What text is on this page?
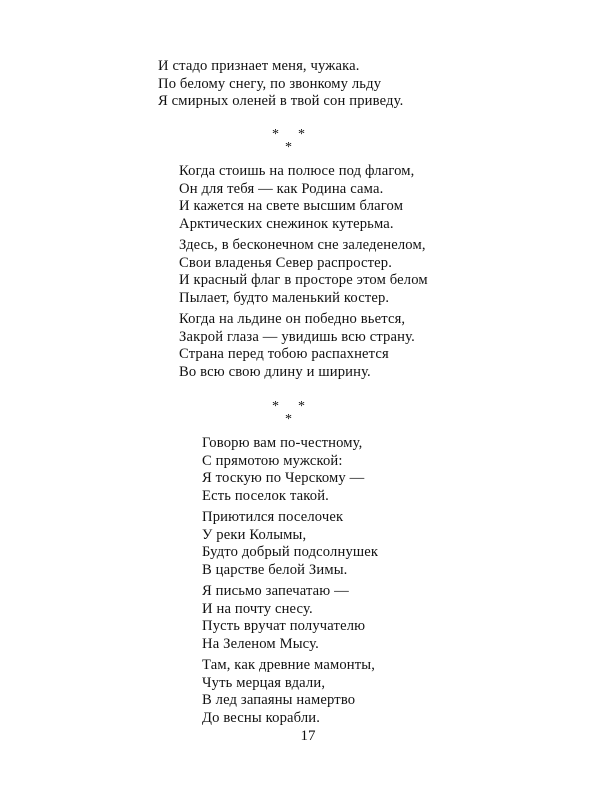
И стадо признает меня, чужака.
По белому снегу, по звонкому льду
Я смирных оленей в твой сон приведу.
* *
*
Когда стоишь на полюсе под флагом,
Он для тебя — как Родина сама.
И кажется на свете высшим благом
Арктических снежинок кутерьма.
Здесь, в бесконечном сне заледенелом,
Свои владенья Север распростер.
И красный флаг в просторе этом белом
Пылает, будто маленький костер.
Когда на льдине он победно вьется,
Закрой глаза — увидишь всю страну.
Страна перед тобою распахнется
Во всю свою длину и ширину.
* *
*
Говорю вам по-честному,
С прямотою мужской:
Я тоскую по Черскому —
Есть поселок такой.
Приютился поселочек
У реки Колымы,
Будто добрый подсолнушек
В царстве белой Зимы.
Я письмо запечатаю —
И на почту снесу.
Пусть вручат получателю
На Зеленом Мысу.
Там, как древние мамонты,
Чуть мерцая вдали,
В лед запаяны намертво
До весны корабли.
17
